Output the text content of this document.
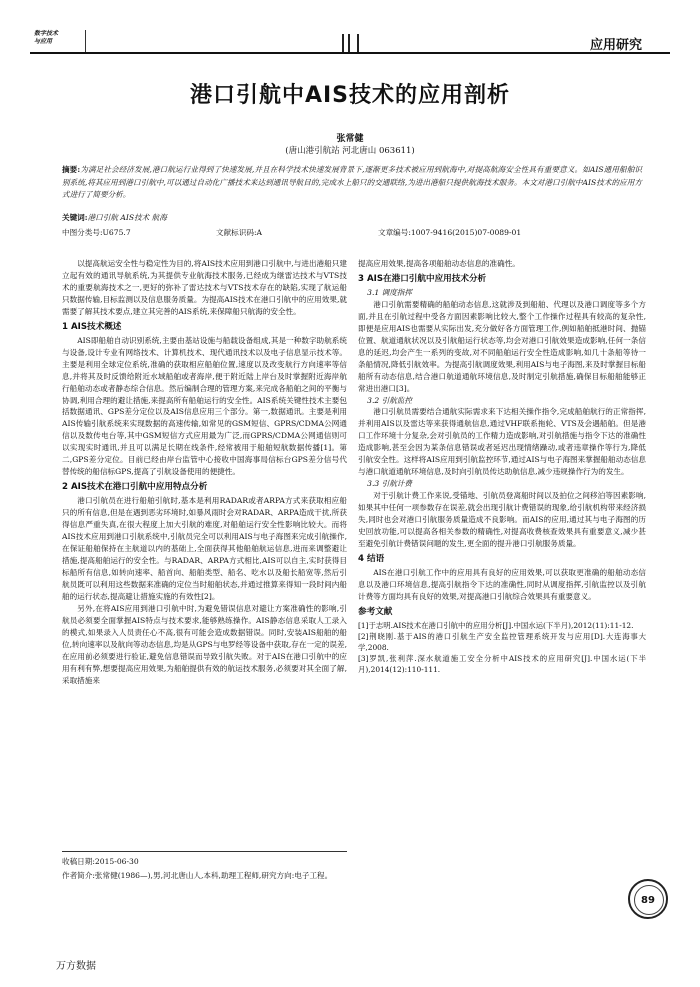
数字技术
与应用	应用研究
港口引航中AIS技术的应用剖析
张常健
(唐山港引航站 河北唐山 063611)
摘要:为满足社会经济发展,港口航运行业得到了快速发展,并且在科学技术快速发展背景下,逐渐更多技术被应用到航海中,对提高航海安全性具有重要意义。如AIS通用船舶识别系统,将其应用到港口引航中,可以通过自动化广播技术来达到通讯导航目的,完成水上船只的交通联络,为进出港船只提供航海技术服务。本文对港口引航中AIS技术的应用方式进行了简要分析。
关键词:港口引航 AIS技术 航海
中图分类号:U675.7	文献标识码:A	文章编号:1007-9416(2015)07-0089-01

以提高航运安全性与稳定性为目的,将AIS技术应用到港口引航中,与进出港船只建立起有效的通讯导航系统,为其提供专业航海技术服务,已经成为继雷达技术与VTS技术的重要航海技术之一,更好的弥补了雷达技术与VTS技术存在的缺陷,实现了航运船只数据传输,目标监测以及信息服务质量。为提高AIS技术在港口引航中的应用效果,就需要了解其技术要点,建立其完善的AIS系统,来保障船只航海的安全性。

1 AIS技术概述

AIS即船舶自动识别系统,主要由基站设施与船载设备组成,其是一种数字助航系统与设备,设计专业有网络技术、计算机技术、现代通讯技术以及电子信息显示技术等。主要是利用全球定位系统,准确的获取相应船舶位置,速度以及改变航行方向速率等信息,并将其及时反馈给附近水域船舶或者海岸,便于附近陆上岸台及时掌握附近海岸航行船舶动态或者静态综合信息。然后编制合理的管理方案,来完成各船舶之间的平衡与协调,利用合理的避让措施,来提高所有船舶运行的安全性。AIS系统关键性技术主要包括数据通讯、GPS差分定位以及AIS信息应用三个部分。第一,数据通讯。主要是利用AIS传输引航系统来实现数据的高速传输,如常见的GSM短信、GPRS/CDMA公网通信以及数传电台等,其中GSM短信方式应用最为广泛,而GPRS/CDMA公网通信则可以实现实时通讯,并且可以满足长期在线条件,经常被用于船舶短航数据传播[1]。第二,GPS差分定位。目前已经由岸台监管中心接收中国海事局信标台GPS差分信号代替传统的船信标GPS,提高了引航设备使用的便捷性。

2 AIS技术在港口引航中应用特点分析

港口引航员在进行船舶引航时,基本是利用RADAR或者ARPA方式来获取相应船只的所有信息,但是在遇到恶劣环境时,如暴风雨时会对RADAR、ARPA造成干扰,所获得信息严重失真,在很大程度上加大引航的难度,对船舶运行安全性影响比较大。而将AIS技术应用到港口引航系统中,引航员完全可以利用AIS与电子海图来完成引航操作,在保证船舶保持在主航道以内的基础上,全面获得其他船舶航运信息,进而来调整避让措施,提高船舶运行的安全性。与RADAR、ARPA方式相比,AIS可以自主,实时获得目标船所有信息,如转向速率、船首向、船舶类型、船名、吃水以及船长船宽等,然后引航员既可以利用这些数据来准确的定位当时船舶状态,并通过推算来得知一段时间内船舶的运行状态,提高避让措施实施的有效性[2]。

另外,在将AIS应用到港口引航中时,为避免错误信息对避让方案准确性的影响,引航员必须要全面掌握AIS特点与技术要求,能够熟练操作。AIS静态信息采取人工录入的模式,如果录入人员责任心不高,很有可能会造成数据错误。同时,安装AIS船舶的船位,转向速率以及航向等动态信息,均是从GPS与电罗经等设备中获取,存在一定的误差,在应用前必须要进行验证,避免信息错误而导致引航失败。对于AIS在港口引航中的应用有利有弊,想要提高应用效果,为船舶提供有效的航运技术服务,必须要对其全面了解,采取措施来

提高应用效果,提高各项船舶动态信息的准确性。

3 AIS在港口引航中应用技术分析
3.1 调度指挥

港口引航需要精确的船舶动态信息,这就涉及到船舶、代理以及港口调度等多个方面,并且在引航过程中受各方面因素影响比较大,整个工作操作过程具有较高的复杂性,即便是应用AIS也需要从实际出发,充分做好各方面管理工作,例如船舶抵港时间、抛锚位置、航道通航状况以及引航船运行状态等,均会对港口引航效果造成影响,任何一条信息的延迟,均会产生一系列的变故,对不同船舶运行安全性造成影响,如几十条船等待一条船情况,降低引航效率。为提高引航调度效果,利用AIS与电子海图,来及时掌握目标船舶所有动态信息,结合港口航道通航环境信息,及时制定引航措施,确保目标船舶能够正常进出港口[3]。

3.2 引航监控

港口引航员需要结合通航实际需求来下达相关操作指令,完成船舶航行的正常指挥,并利用AIS以及雷达等来获得通航信息,通过VHF联系拖轮、VTS及会遇船舶。但是港口工作环境十分复杂,会对引航员的工作精力造成影响,对引航措施与指令下达的准确性造成影响,甚至会因为某条信息错误或者延迟出现情绪躁动,或者违章操作等行为,降低引航安全性。这样将AIS应用到引航监控环节,通过AIS与电子海图来掌握船舶动态信息与港口航道通航环境信息,及时向引航员传达助航信息,减少违规操作行为的发生。

3.3 引航计费

对于引航计费工作来说,受锚地、引航员登离船时间以及拍位之间移泊等因素影响,如果其中任何一项参数存在误差,就会出现引航计费错误的现象,给引航机构带来经济损失,同时也会对港口引航服务质量造成不良影响。而AIS的应用,通过其与电子海图的历史回放功能,可以提高各相关参数的精确性,对提高收费核查效果具有重要意义,减少甚至避免引航计费错误问题的发生,更全面的提升港口引航服务质量。

4 结语

AIS在港口引航工作中的应用具有良好的应用效果,可以获取更准确的船舶动态信息以及港口环境信息,提高引航指令下达的准确性,同时从调度指挥,引航监控以及引航计费等方面均具有良好的效果,对提高港口引航综合效果具有重要意义。

参考文献
[1]于志明.AIS技术在港口引航中的应用分析[J].中国水运(下半月),2012(11):11-12.
[2]荆晓刚.基于AIS的港口引航生产安全监控管理系统开发与应用[D].大连海事大学,2008.
[3]罗凯,张利萍.深水航道施工安全分析中AIS技术的应用研究[J].中国水运(下半月),2014(12):110-111.
收稿日期:2015-06-30
作者简介:张常健(1986—),男,河北唐山人,本科,助理工程师,研究方向:电子工程。
89
万方数据
